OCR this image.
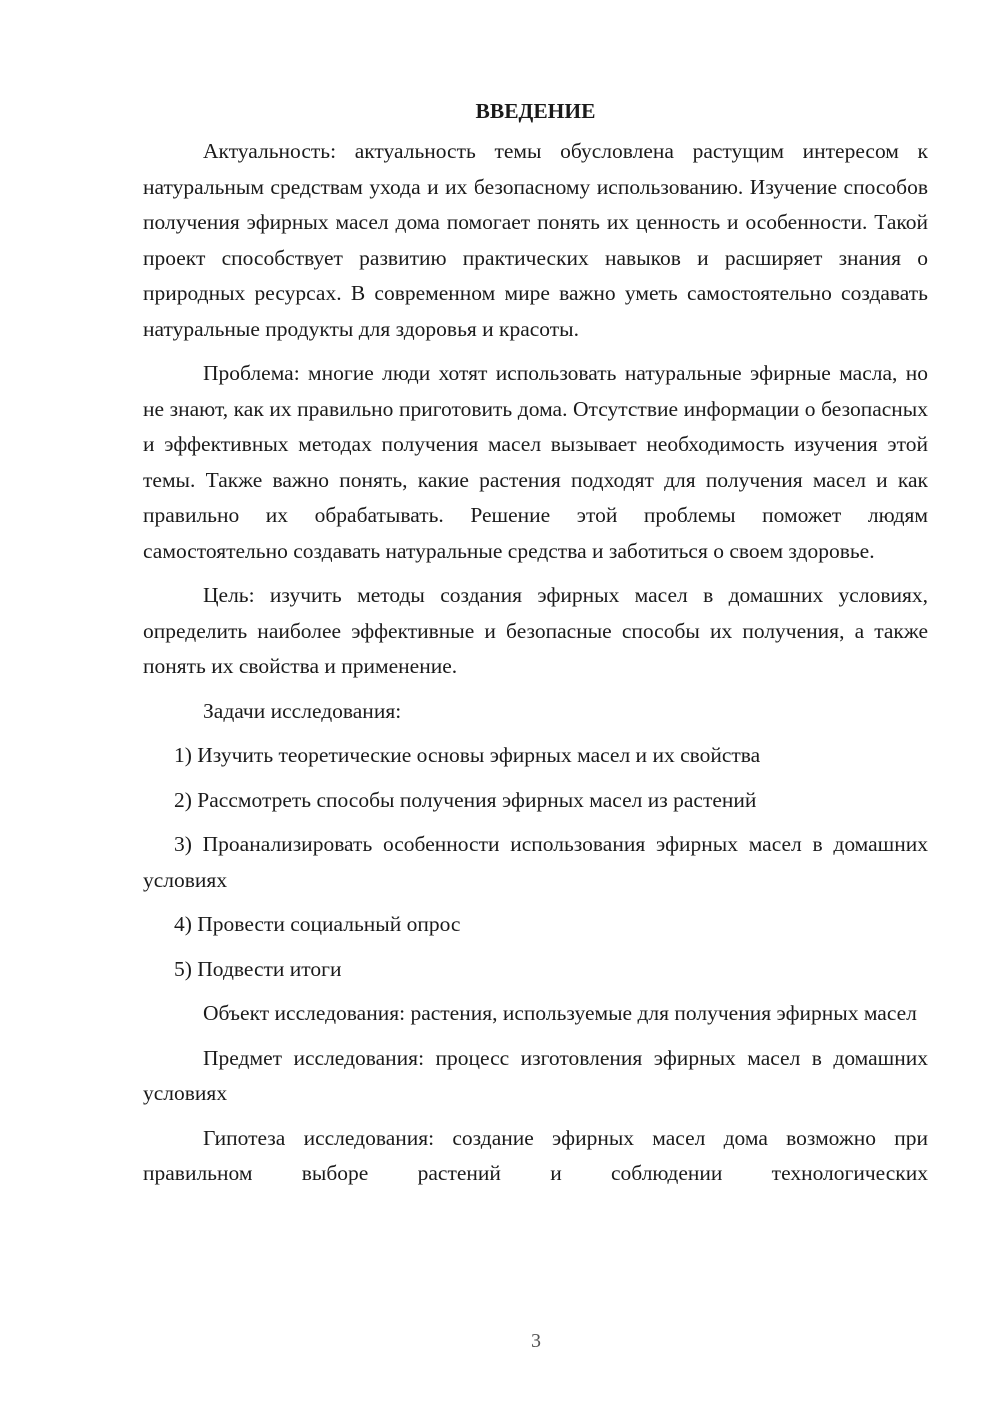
ВВЕДЕНИЕ

Актуальность: актуальность темы обусловлена растущим интересом к натуральным средствам ухода и их безопасному использованию. Изучение способов получения эфирных масел дома помогает понять их ценность и особенности. Такой проект способствует развитию практических навыков и расширяет знания о природных ресурсах. В современном мире важно уметь самостоятельно создавать натуральные продукты для здоровья и красоты.

Проблема: многие люди хотят использовать натуральные эфирные масла, но не знают, как их правильно приготовить дома. Отсутствие информации о безопасных и эффективных методах получения масел вызывает необходимость изучения этой темы. Также важно понять, какие растения подходят для получения масел и как правильно их обрабатывать. Решение этой проблемы поможет людям самостоятельно создавать натуральные средства и заботиться о своем здоровье.

Цель: изучить методы создания эфирных масел в домашних условиях, определить наиболее эффективные и безопасные способы их получения, а также понять их свойства и применение.

Задачи исследования:

1) Изучить теоретические основы эфирных масел и их свойства

2) Рассмотреть способы получения эфирных масел из растений

3) Проанализировать особенности использования эфирных масел в домашних условиях

4) Провести социальный опрос

5) Подвести итоги

Объект исследования: растения, используемые для получения эфирных масел

Предмет исследования: процесс изготовления эфирных масел в домашних условиях

Гипотеза исследования: создание эфирных масел дома возможно при правильном выборе растений и соблюдении технологических

3
